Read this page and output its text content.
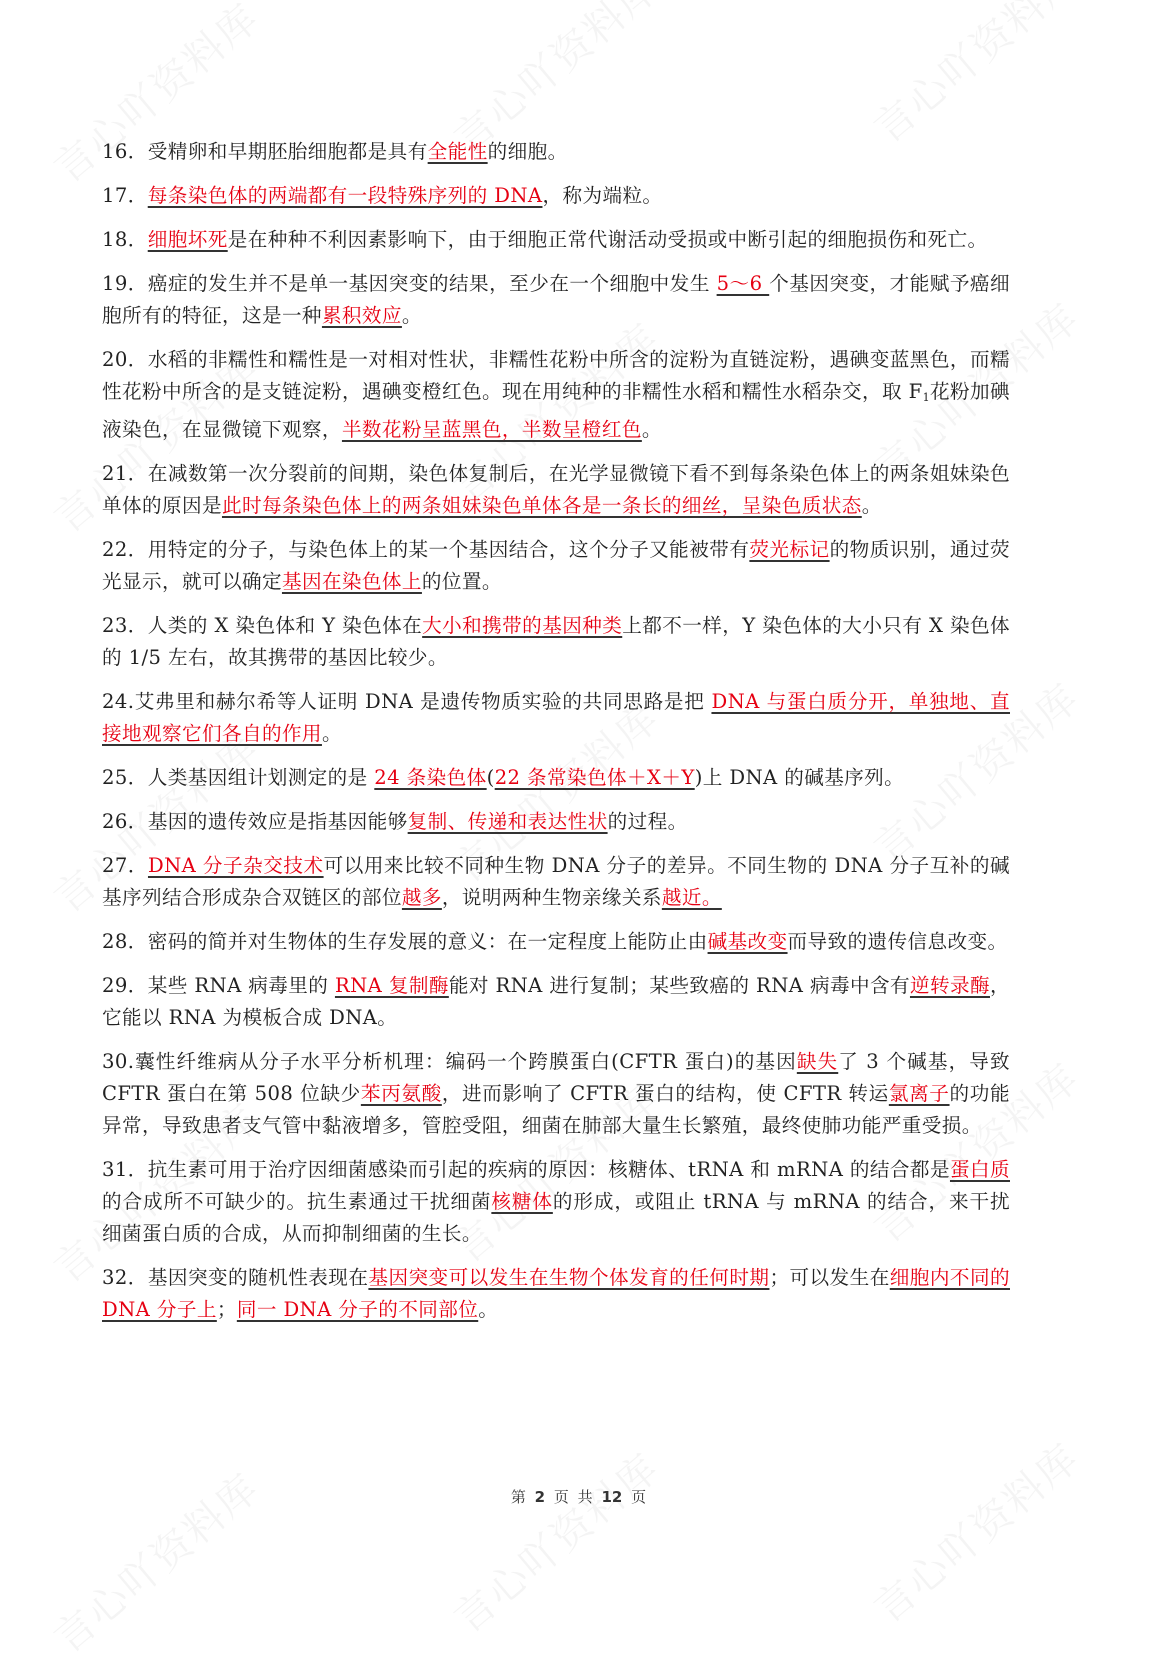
16．受精卵和早期胚胎细胞都是具有全能性的细胞。

17．每条染色体的两端都有一段特殊序列的 DNA，称为端粒。

18．细胞坏死是在种种不利因素影响下，由于细胞正常代谢活动受损或中断引起的细胞损伤和死亡。

19．癌症的发生并不是单一基因突变的结果，至少在一个细胞中发生 5～6 个基因突变，才能赋予癌细胞所有的特征，这是一种累积效应。

20．水稻的非糯性和糯性是一对相对性状，非糯性花粉中所含的淀粉为直链淀粉，遇碘变蓝黑色，而糯性花粉中所含的是支链淀粉，遇碘变橙红色。现在用纯种的非糯性水稻和糯性水稻杂交，取 $F_1$花粉加碘液染色，在显微镜下观察，半数花粉呈蓝黑色，半数呈橙红色。

21．在减数第一次分裂前的间期，染色体复制后，在光学显微镜下看不到每条染色体上的两条姐妹染色单体的原因是此时每条染色体上的两条姐妹染色单体各是一条长的细丝，呈染色质状态。

22．用特定的分子，与染色体上的某一个基因结合，这个分子又能被带有荧光标记的物质识别，通过荧光显示，就可以确定基因在染色体上的位置。

23．人类的 X 染色体和 Y 染色体在大小和携带的基因种类上都不一样，Y 染色体的大小只有 X 染色体的 1/5 左右，故其携带的基因比较少。

24.艾弗里和赫尔希等人证明 DNA 是遗传物质实验的共同思路是把 DNA 与蛋白质分开，单独地、直接地观察它们各自的作用。

25．人类基因组计划测定的是 24 条染色体(22 条常染色体＋X＋Y)上 DNA 的碱基序列。

26．基因的遗传效应是指基因能够复制、传递和表达性状的过程。

27．DNA 分子杂交技术可以用来比较不同种生物 DNA 分子的差异。不同生物的 DNA 分子互补的碱基序列结合形成杂合双链区的部位越多，说明两种生物亲缘关系越近。

28．密码的简并对生物体的生存发展的意义：在一定程度上能防止由碱基改变而导致的遗传信息改变。

29．某些 RNA 病毒里的 RNA 复制酶能对 RNA 进行复制；某些致癌的 RNA 病毒中含有逆转录酶，它能以 RNA 为模板合成 DNA。

30.囊性纤维病从分子水平分析机理：编码一个跨膜蛋白(CFTR 蛋白)的基因缺失了 3 个碱基，导致 CFTR 蛋白在第 508 位缺少苯丙氨酸，进而影响了 CFTR 蛋白的结构，使 CFTR 转运氯离子的功能异常，导致患者支气管中黏液增多，管腔受阻，细菌在肺部大量生长繁殖，最终使肺功能严重受损。

31．抗生素可用于治疗因细菌感染而引起的疾病的原因：核糖体、tRNA 和 mRNA 的结合都是蛋白质的合成所不可缺少的。抗生素通过干扰细菌核糖体的形成，或阻止 tRNA 与 mRNA 的结合，来干扰细菌蛋白质的合成，从而抑制细菌的生长。

32．基因突变的随机性表现在基因突变可以发生在生物个体发育的任何时期；可以发生在细胞内不同的 DNA 分子上；同一 DNA 分子的不同部位。

第 2 页 共 12 页
